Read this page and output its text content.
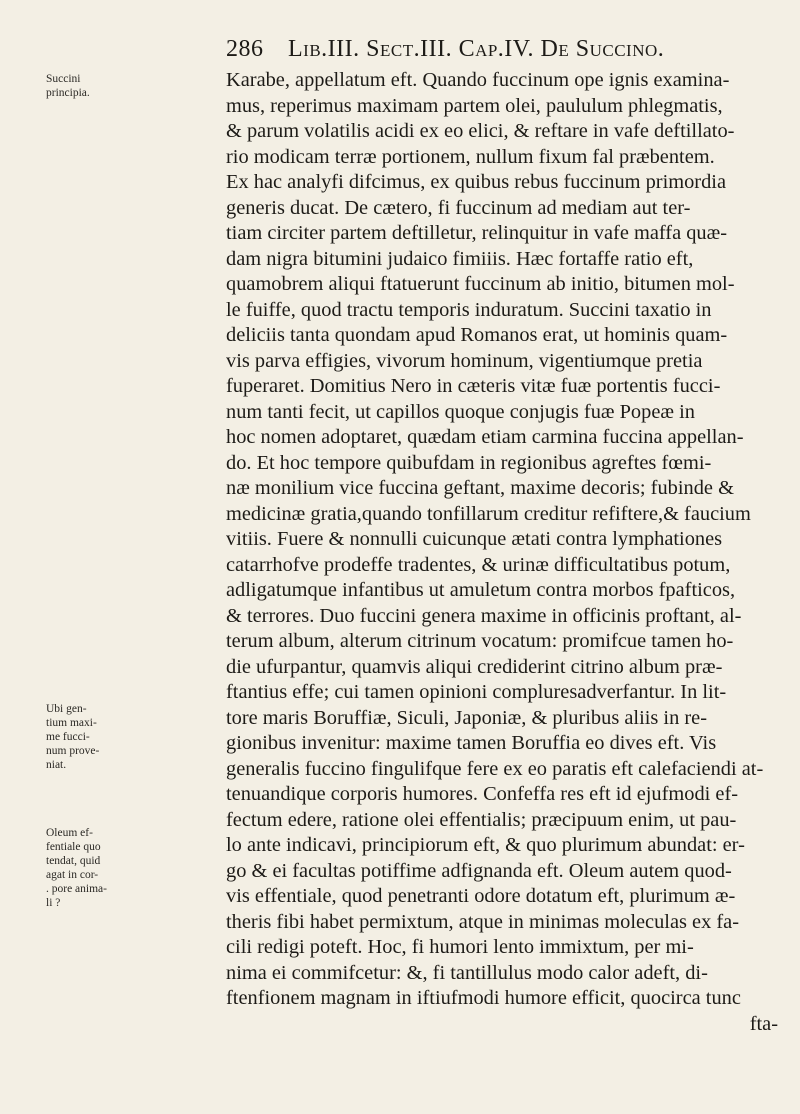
286 Lib.III. Sect.III. Cap.IV. De Succino.
Succini
principia.
Ubi gen-
tium maxi-
me fucci-
num prove-
niat.
Oleum ef-
fentiale quo
tendat, quid
agat in cor-
. pore anima-
li ?
Karabe, appellatum eft. Quando fuccinum ope ignis examina-
mus, reperimus maximam partem olei, paululum phlegmatis,
& parum volatilis acidi ex eo elici, & reftare in vafe deftillato-
rio modicam terræ portionem, nullum fixum fal præbentem.
Ex hac analyfi difcimus, ex quibus rebus fuccinum primordia
generis ducat. De cætero, fi fuccinum ad mediam aut ter-
tiam circiter partem deftilletur, relinquitur in vafe maffa quæ-
dam nigra bitumini judaico fimiiis. Hæc fortaffe ratio eft,
quamobrem aliqui ftatuerunt fuccinum ab initio, bitumen mol-
le fuiffe, quod tractu temporis induratum. Succini taxatio in
deliciis tanta quondam apud Romanos erat, ut hominis quam-
vis parva effigies, vivorum hominum, vigentiumque pretia
fuperaret. Domitius Nero in cæteris vitæ fuæ portentis fucci-
num tanti fecit, ut capillos quoque conjugis fuæ Popeæ in
hoc nomen adoptaret, quædam etiam carmina fuccina appellan-
do. Et hoc tempore quibufdam in regionibus agreftes fœmi-
næ monilium vice fuccina geftant, maxime decoris; fubinde &
medicinæ gratia,quando tonfillarum creditur refiftere,& faucium
vitiis. Fuere & nonnulli cuicunque ætati contra lymphationes
catarrhofve prodeffe tradentes, & urinæ difficultatibus potum,
adligatumque infantibus ut amuletum contra morbos fpafticos,
& terrores. Duo fuccini genera maxime in officinis proftant, al-
terum album, alterum citrinum vocatum: promifcue tamen ho-
die ufurpantur, quamvis aliqui crediderint citrino album præ-
ftantius effe; cui tamen opinioni compluresadverfantur. In lit-
tore maris Boruffiæ, Siculi, Japoniæ, & pluribus aliis in re-
gionibus invenitur: maxime tamen Boruffia eo dives eft. Vis
generalis fuccino fingulifque fere ex eo paratis eft calefaciendi at-
tenuandique corporis humores. Confeffa res eft id ejufmodi ef-
fectum edere, ratione olei effentialis; præcipuum enim, ut pau-
lo ante indicavi, principiorum eft, & quo plurimum abundat: er-
go & ei facultas potiffime adfignanda eft. Oleum autem quod-
vis effentiale, quod penetranti odore dotatum eft, plurimum æ-
theris fibi habet permixtum, atque in minimas moleculas ex fa-
cili redigi poteft. Hoc, fi humori lento immixtum, per mi-
nima ei commifcetur: &, fi tantillulus modo calor adeft, di-
ftenfionem magnam in iftiufmodi humore efficit, quocirca tunc
fta-
